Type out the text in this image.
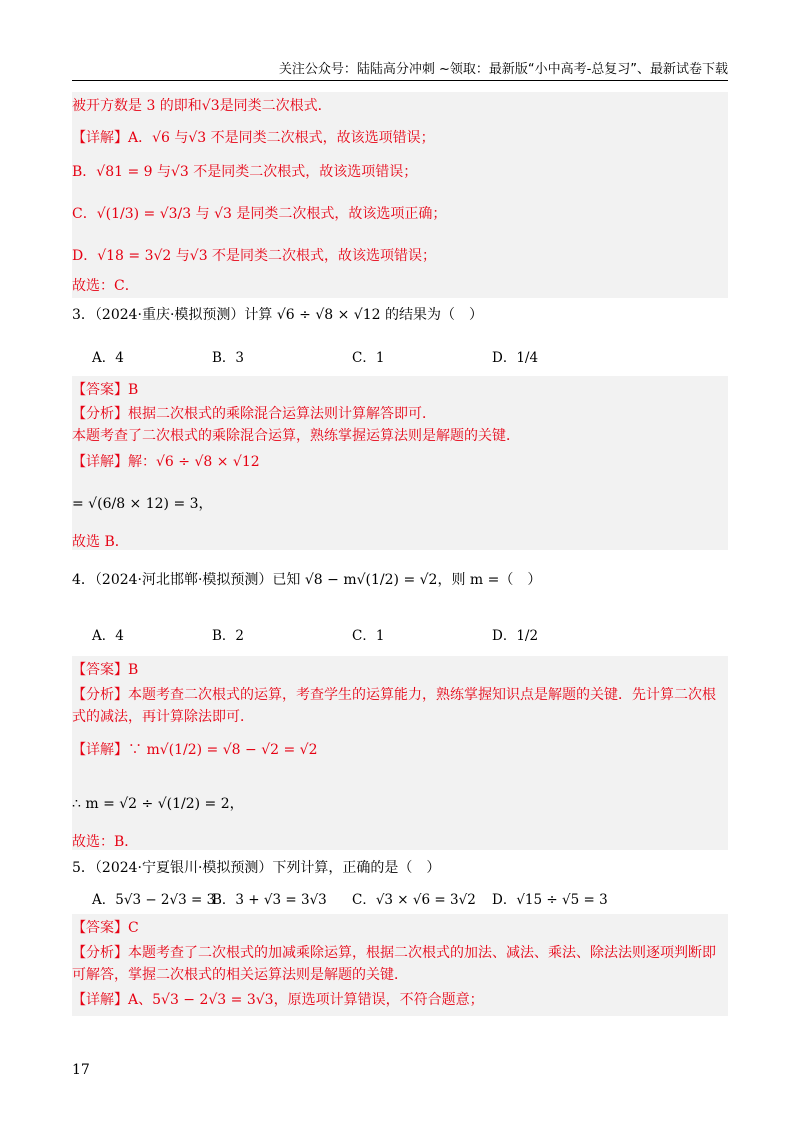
关注公众号：陆陆高分冲刺 ~领取：最新版“小中高考-总复习”、最新试卷下载
被开方数是 3 的即和√3是同类二次根式．
【详解】A．√6 与√3 不是同类二次根式，故该选项错误；
B．√81 = 9 与√3 不是同类二次根式，故该选项错误；
C．√(1/3) = √3/3 与 √3 是同类二次根式，故该选项正确；
D．√18 = 3√2 与√3 不是同类二次根式，故该选项错误；
故选：C．
3．（2024·重庆·模拟预测）计算 √6 ÷ √8 × √12 的结果为（　）
A．4	B．3	C．1	D．1/4
【答案】B
【分析】根据二次根式的乘除混合运算法则计算解答即可．
本题考查了二次根式的乘除混合运算，熟练掌握运算法则是解题的关键．
【详解】解：√6 ÷ √8 × √12
= √(6/8 × 12) = 3，
故选 B．
4．（2024·河北邯郸·模拟预测）已知 √8 − m√(1/2) = √2，则 m =（　）
A．4	B．2	C．1	D．1/2
【答案】B
【分析】本题考查二次根式的运算，考查学生的运算能力，熟练掌握知识点是解题的关键．先计算二次根式的减法，再计算除法即可．
【详解】∵ m√(1/2) = √8 − √2 = √2
∴ m = √2 ÷ √(1/2) = 2，
故选：B．
5．（2024·宁夏银川·模拟预测）下列计算，正确的是（　）
A．5√3 − 2√3 = 3
B．3 + √3 = 3√3 C．√3 × √6 = 3√2 D．√15 ÷ √5 = 3
【答案】C
【分析】本题考查了二次根式的加减乘除运算，根据二次根式的加法、减法、乘法、除法法则逐项判断即可解答，掌握二次根式的相关运算法则是解题的关键．
【详解】A、5√3 − 2√3 = 3√3，原选项计算错误，不符合题意；
17
